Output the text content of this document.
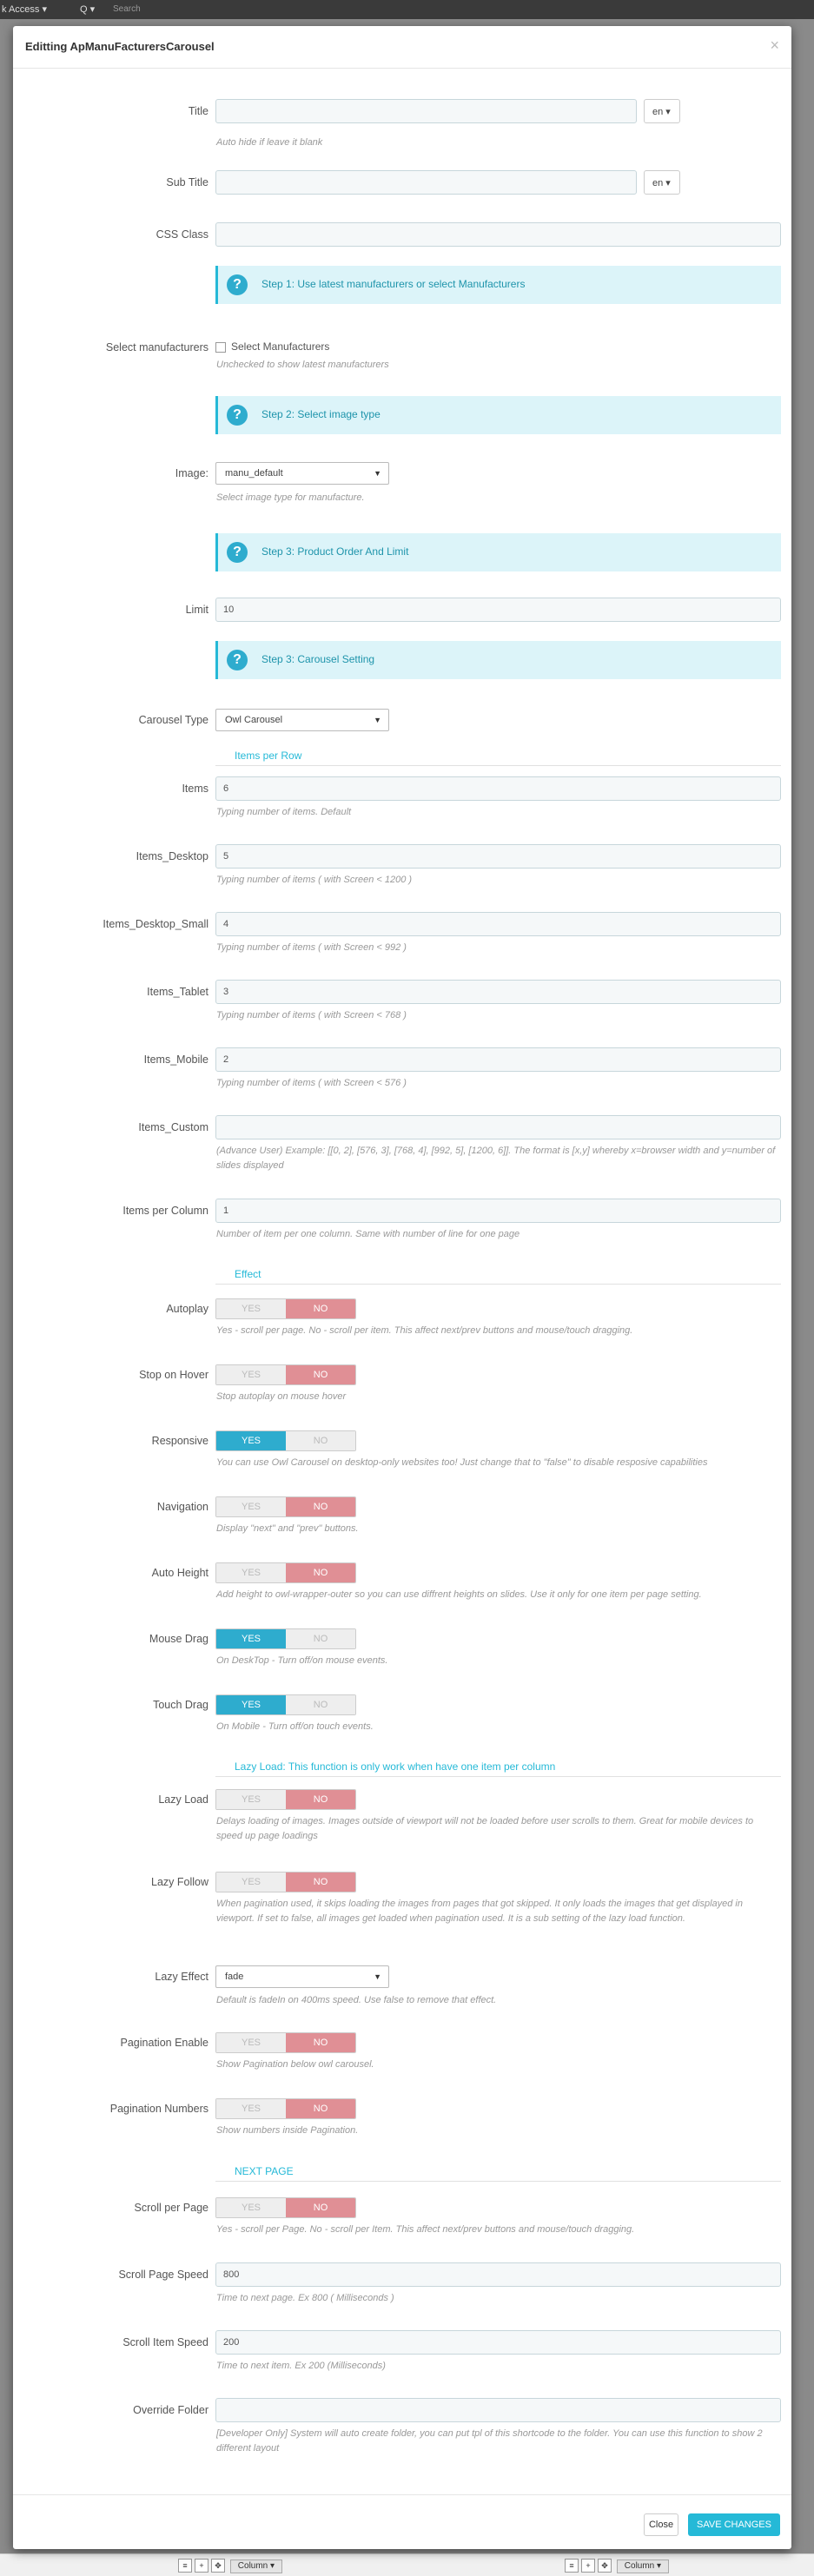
k Access ▾	Q ▾	Search
≡ + ✥ Column ▾	≡ + ✥ Column ▾
Editting ApManuFacturersCarousel	×
Title	en ▾
Auto hide if leave it blank
Sub Title	en ▾
CSS Class
?	Step 1: Use latest manufacturers or select Manufacturers
Select manufacturers	Select Manufacturers
Unchecked to show latest manufacturers
?	Step 2: Select image type
Image:	manu_default	▼
Select image type for manufacture.
?	Step 3: Product Order And Limit
Limit	10
?	Step 3: Carousel Setting
Carousel Type	Owl Carousel	▼
Items per Row
Items	6
Typing number of items. Default
Items_Desktop	5
Typing number of items ( with Screen < 1200 )
Items_Desktop_Small	4
Typing number of items ( with Screen < 992 )
Items_Tablet	3
Typing number of items ( with Screen < 768 )
Items_Mobile	2
Typing number of items ( with Screen < 576 )
Items_Custom
(Advance User) Example: [[0, 2], [576, 3], [768, 4], [992, 5], [1200, 6]]. The format is [x,y] whereby x=browser width and y=number of slides displayed
Items per Column	1
Number of item per one column. Same with number of line for one page
Effect
Autoplay	YES	NO
Yes - scroll per page. No - scroll per item. This affect next/prev buttons and mouse/touch dragging.
Stop on Hover	YES	NO
Stop autoplay on mouse hover
Responsive	YES	NO
You can use Owl Carousel on desktop-only websites too! Just change that to "false" to disable resposive capabilities
Navigation	YES	NO
Display "next" and "prev" buttons.
Auto Height	YES	NO
Add height to owl-wrapper-outer so you can use diffrent heights on slides. Use it only for one item per page setting.
Mouse Drag	YES	NO
On DeskTop - Turn off/on mouse events.
Touch Drag	YES	NO
On Mobile - Turn off/on touch events.
Lazy Load: This function is only work when have one item per column
Lazy Load	YES	NO
Delays loading of images. Images outside of viewport will not be loaded before user scrolls to them. Great for mobile devices to speed up page loadings
Lazy Follow	YES	NO
When pagination used, it skips loading the images from pages that got skipped. It only loads the images that get displayed in viewport. If set to false, all images get loaded when pagination used. It is a sub setting of the lazy load function.
Lazy Effect	fade	▼
Default is fadeIn on 400ms speed. Use false to remove that effect.
Pagination Enable	YES	NO
Show Pagination below owl carousel.
Pagination Numbers	YES	NO
Show numbers inside Pagination.
NEXT PAGE
Scroll per Page	YES	NO
Yes - scroll per Page. No - scroll per Item. This affect next/prev buttons and mouse/touch dragging.
Scroll Page Speed	800
Time to next page. Ex 800 ( Milliseconds )
Scroll Item Speed	200
Time to next item. Ex 200 (Milliseconds)
Override Folder
[Developer Only] System will auto create folder, you can put tpl of this shortcode to the folder. You can use this function to show 2 different layout
Close	SAVE CHANGES
